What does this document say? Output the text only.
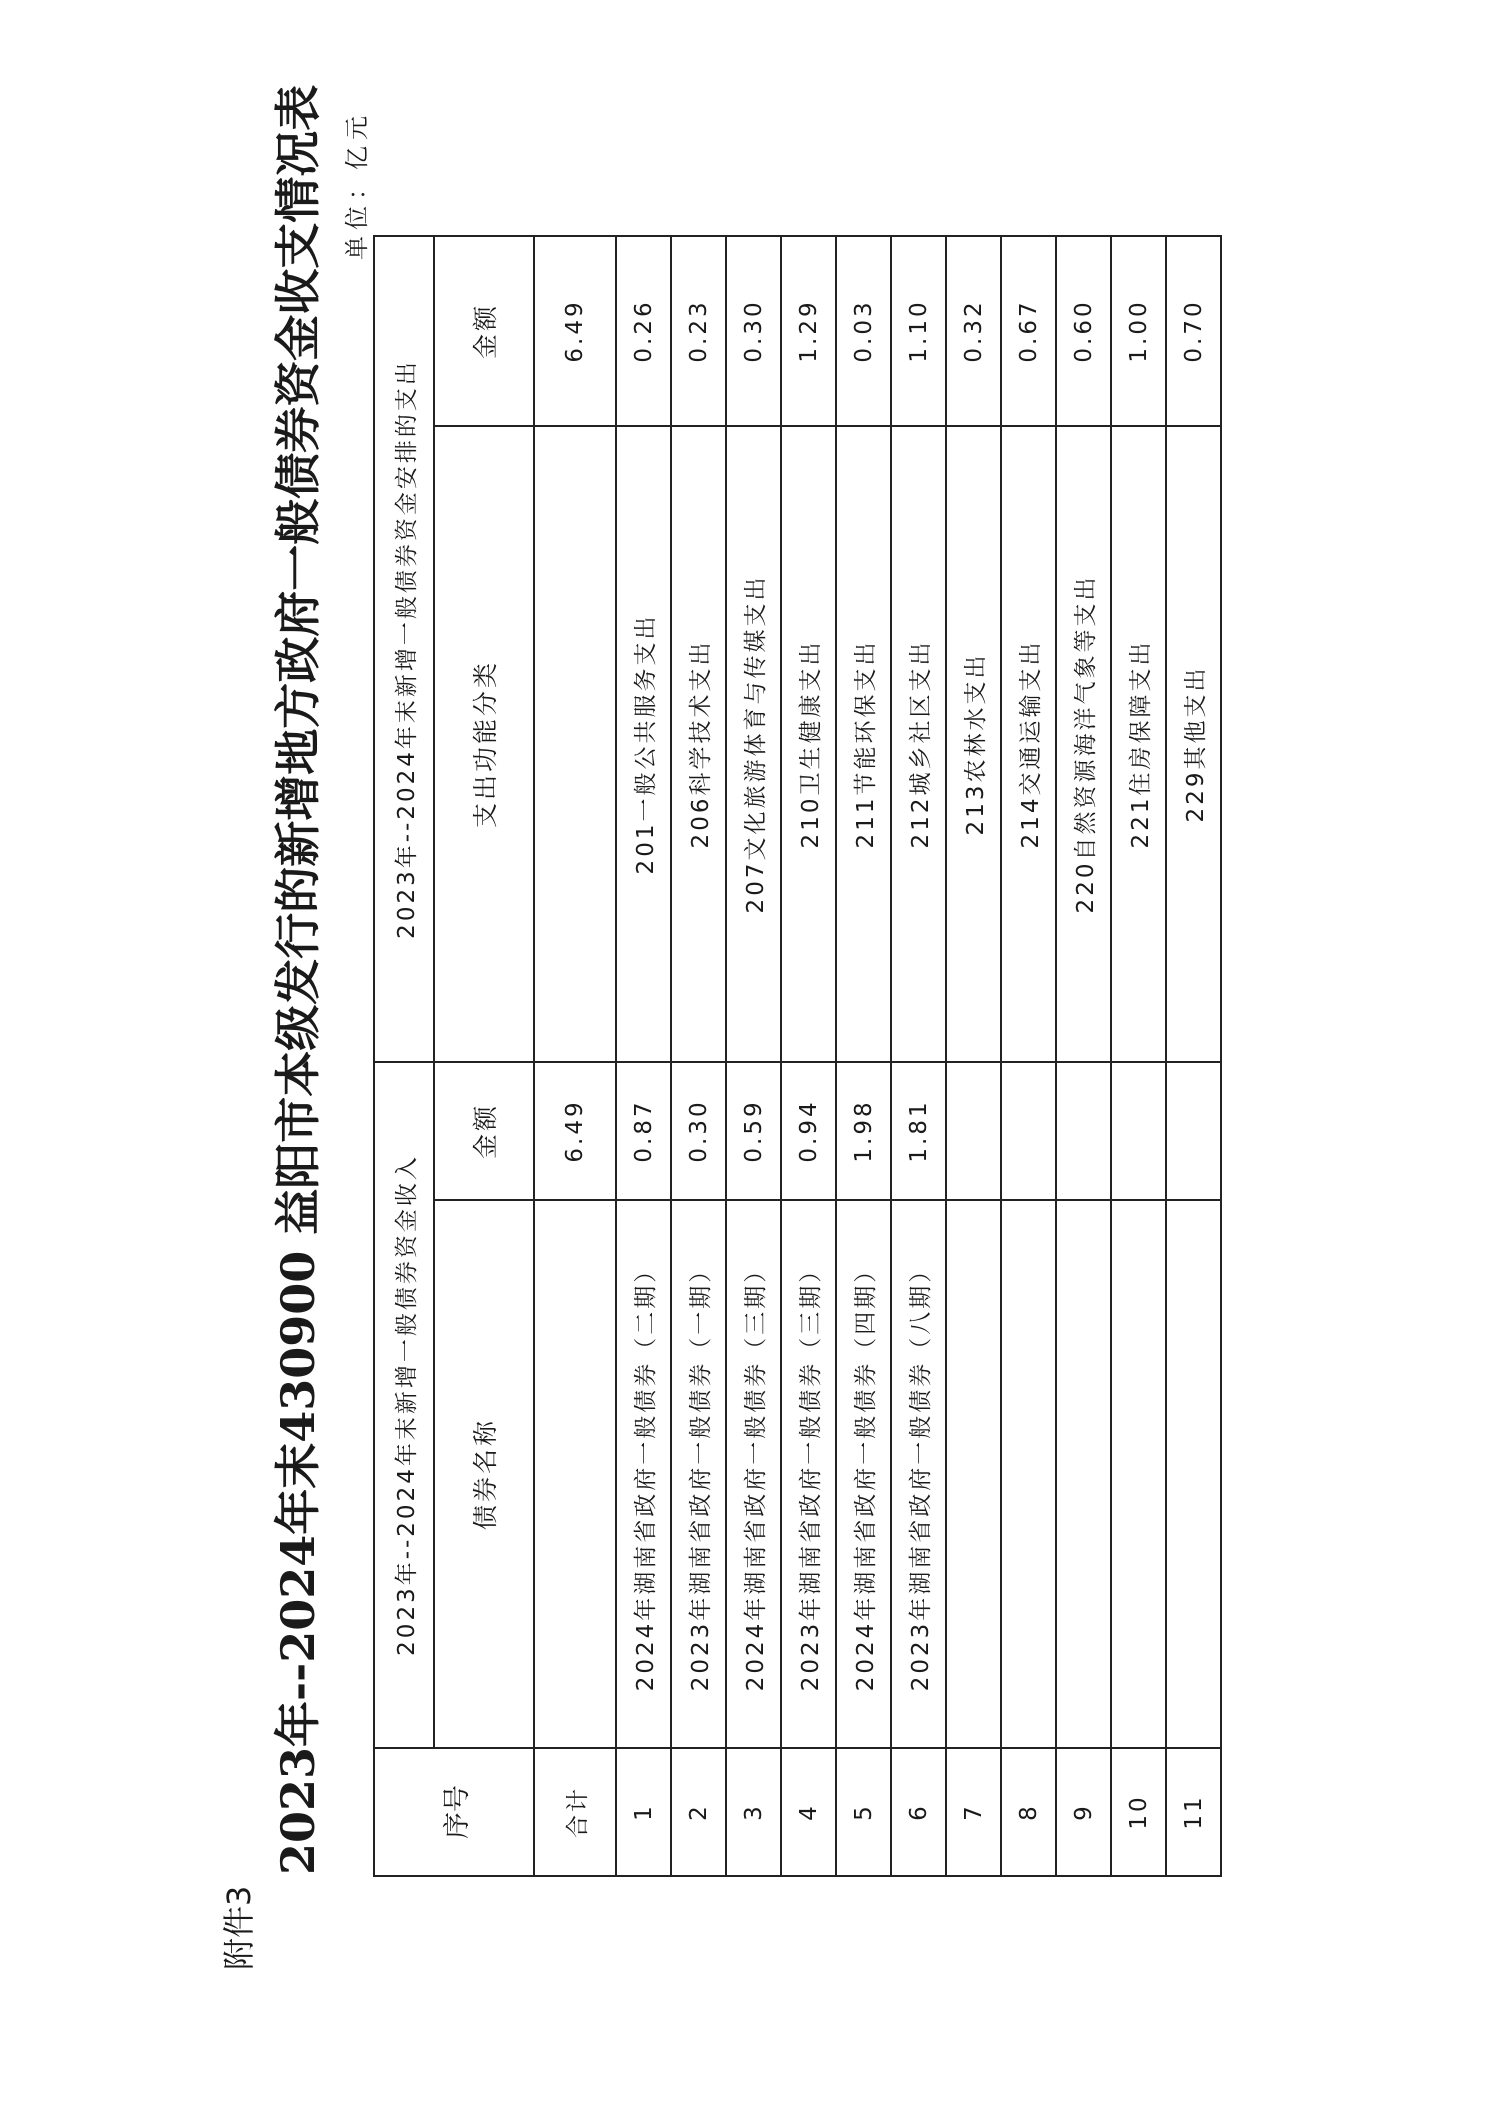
附件3
2023年--2024年末430900 益阳市本级发行的新增地方政府一般债券资金收支情况表 单位：亿元
序号	2023年--2024年末新增一般债券资金收入		2023年--2024年末新增一般债券资金安排的支出	
	债券名称	金额	支出功能分类	金额
合计		6.49		6.49
1	2024年湖南省政府一般债券（二期）	0.87	201一般公共服务支出	0.26
2	2023年湖南省政府一般债券（一期）	0.30	206科学技术支出	0.23
3	2024年湖南省政府一般债券（三期）	0.59	207文化旅游体育与传媒支出	0.30
4	2023年湖南省政府一般债券（三期）	0.94	210卫生健康支出	1.29
5	2024年湖南省政府一般债券（四期）	1.98	211节能环保支出	0.03
6	2023年湖南省政府一般债券（八期）	1.81	212城乡社区支出	1.10
7			213农林水支出	0.32
8			214交通运输支出	0.67
9			220自然资源海洋气象等支出	0.60
10			221住房保障支出	1.00
11			229其他支出	0.70
